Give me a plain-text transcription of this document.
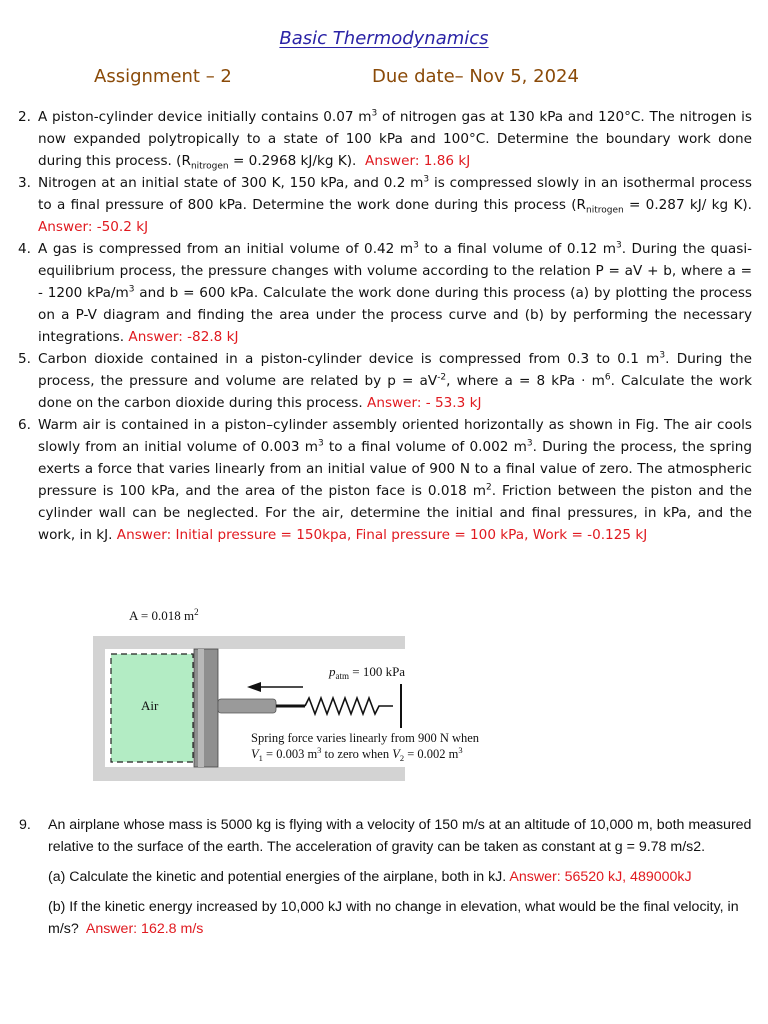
Basic Thermodynamics
Assignment – 2	Due date– Nov 5, 2024
2. A piston-cylinder device initially contains 0.07 $m^3$ of nitrogen gas at 130 kPa and 120°C. The nitrogen is now expanded polytropically to a state of 100 kPa and 100°C. Determine the boundary work done during this process. ($R_{nitrogen} = 0.2968$ kJ/kg K). Answer: 1.86 kJ
3. Nitrogen at an initial state of 300 K, 150 kPa, and 0.2 $m^3$ is compressed slowly in an isothermal process to a final pressure of 800 kPa. Determine the work done during this process ($R_{nitrogen} = 0.287$ kJ/ kg K). Answer: -50.2 kJ
4. A gas is compressed from an initial volume of 0.42 $m^3$ to a final volume of 0.12 $m^3$. During the quasi-equilibrium process, the pressure changes with volume according to the relation P = aV + b, where a = - 1200 kPa/$m^3$ and b = 600 kPa. Calculate the work done during this process (a) by plotting the process on a P-V diagram and finding the area under the process curve and (b) by performing the necessary integrations. Answer: -82.8 kJ
5. Carbon dioxide contained in a piston-cylinder device is compressed from 0.3 to 0.1 $m^3$. During the process, the pressure and volume are related by $p = aV^{-2}$, where a = 8 kPa · $m^6$. Calculate the work done on the carbon dioxide during this process. Answer: - 53.3 kJ
6. Warm air is contained in a piston–cylinder assembly oriented horizontally as shown in Fig. The air cools slowly from an initial volume of 0.003 $m^3$ to a final volume of 0.002 $m^3$. During the process, the spring exerts a force that varies linearly from an initial value of 900 N to a final value of zero. The atmospheric pressure is 100 kPa, and the area of the piston face is 0.018 $m^2$. Friction between the piston and the cylinder wall can be neglected. For the air, determine the initial and final pressures, in kPa, and the work, in kJ. Answer: Initial pressure = 150kpa, Final pressure = 100 kPa, Work = -0.125 kJ
A = 0.018 $m^2$
Air
$p_{atm} = 100$ kPa
Spring force varies linearly from 900 N when
$V_1 = 0.003$ $m^3$ to zero when $V_2 = 0.002$ $m^3$
9. An airplane whose mass is 5000 kg is flying with a velocity of 150 m/s at an altitude of 10,000 m, both measured relative to the surface of the earth. The acceleration of gravity can be taken as constant at g = 9.78 m/s2.
(a) Calculate the kinetic and potential energies of the airplane, both in kJ. Answer: 56520 kJ, 489000kJ
(b) If the kinetic energy increased by 10,000 kJ with no change in elevation, what would be the final velocity, in m/s? Answer: 162.8 m/s
